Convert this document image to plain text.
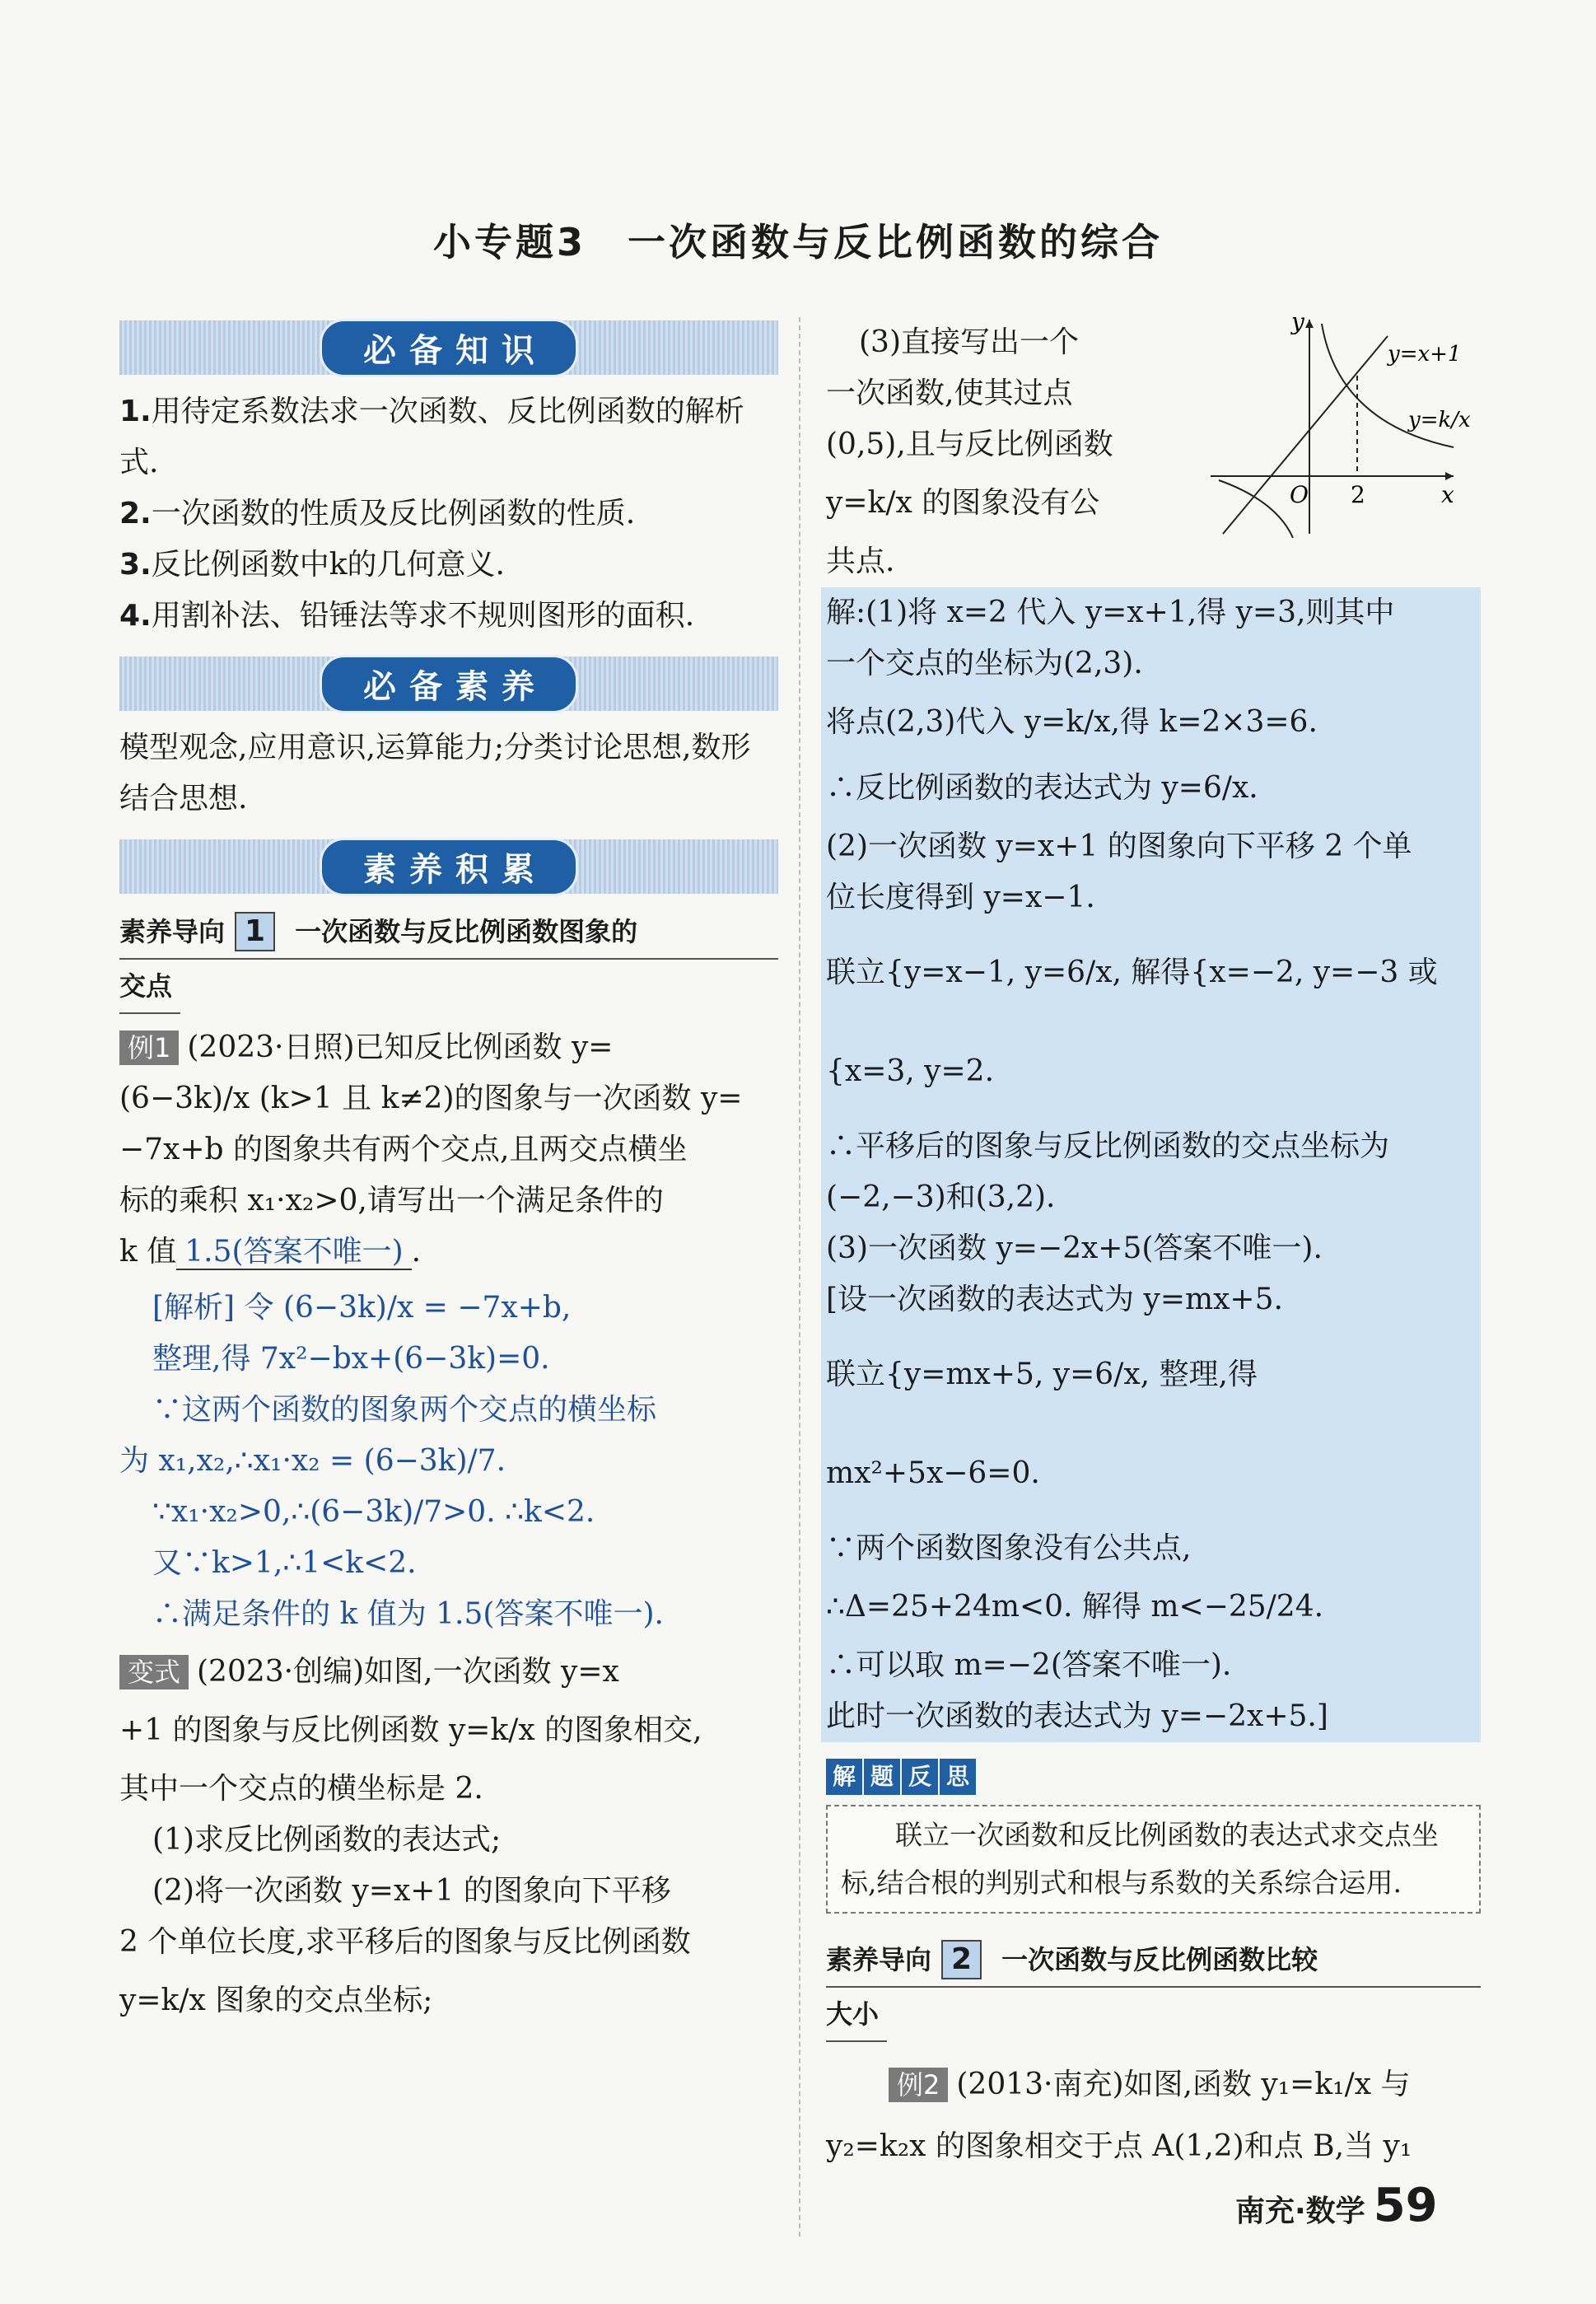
小专题3　一次函数与反比例函数的综合
必备知识

1.用待定系数法求一次函数、反比例函数的解析式.

2.一次函数的性质及反比例函数的性质.

3.反比例函数中k的几何意义.

4.用割补法、铅锤法等求不规则图形的面积.

必备素养

模型观念,应用意识,运算能力;分类讨论思想,数形结合思想.

素养积累
素养导向 1	一次函数与反比例函数图象的
交点

例1 (2023·日照)已知反比例函数 y=

(6−3k)/x (k>1 且 k≠2)的图象与一次函数 y=

−7x+b 的图象共有两个交点,且两交点横坐

标的乘积 x₁·x₂>0,请写出一个满足条件的

k 值 1.5(答案不唯一) .

[解析] 令 (6−3k)/x = −7x+b,

整理,得 7x²−bx+(6−3k)=0.

∵这两个函数的图象两个交点的横坐标

为 x₁,x₂,∴x₁·x₂ = (6−3k)/7.

∵x₁·x₂>0,∴(6−3k)/7>0. ∴k<2.

又∵k>1,∴1<k<2.

∴满足条件的 k 值为 1.5(答案不唯一).

变式 (2023·创编)如图,一次函数 y=x

+1 的图象与反比例函数 y=k/x 的图象相交,

其中一个交点的横坐标是 2.

(1)求反比例函数的表达式;

(2)将一次函数 y=x+1 的图象向下平移

2 个单位长度,求平移后的图象与反比例函数

y=k/x 图象的交点坐标;

y
x
O 2
y=x+1
y=k/x

(3)直接写出一个

一次函数,使其过点

(0,5),且与反比例函数

y=k/x 的图象没有公

共点.

解:(1)将 x=2 代入 y=x+1,得 y=3,则其中

一个交点的坐标为(2,3).

将点(2,3)代入 y=k/x,得 k=2×3=6.

∴反比例函数的表达式为 y=6/x.

(2)一次函数 y=x+1 的图象向下平移 2 个单

位长度得到 y=x−1.

联立{y=x−1, y=6/x, 解得{x=−2, y=−3 或{x=3, y=2.

∴平移后的图象与反比例函数的交点坐标为

(−2,−3)和(3,2).

(3)一次函数 y=−2x+5(答案不唯一).

[设一次函数的表达式为 y=mx+5.

联立{y=mx+5, y=6/x, 整理,得 mx²+5x−6=0.

∵两个函数图象没有公共点,

∴Δ=25+24m<0. 解得 m<−25/24.

∴可以取 m=−2(答案不唯一).

此时一次函数的表达式为 y=−2x+5.]

解 题 反 思

联立一次函数和反比例函数的表达式求交点坐标,结合根的判别式和根与系数的关系综合运用.

素养导向 2	一次函数与反比例函数比较
大小

例2 (2013·南充)如图,函数 y₁=k₁/x 与

y₂=k₂x 的图象相交于点 A(1,2)和点 B,当 y₁

南充·数学 59
